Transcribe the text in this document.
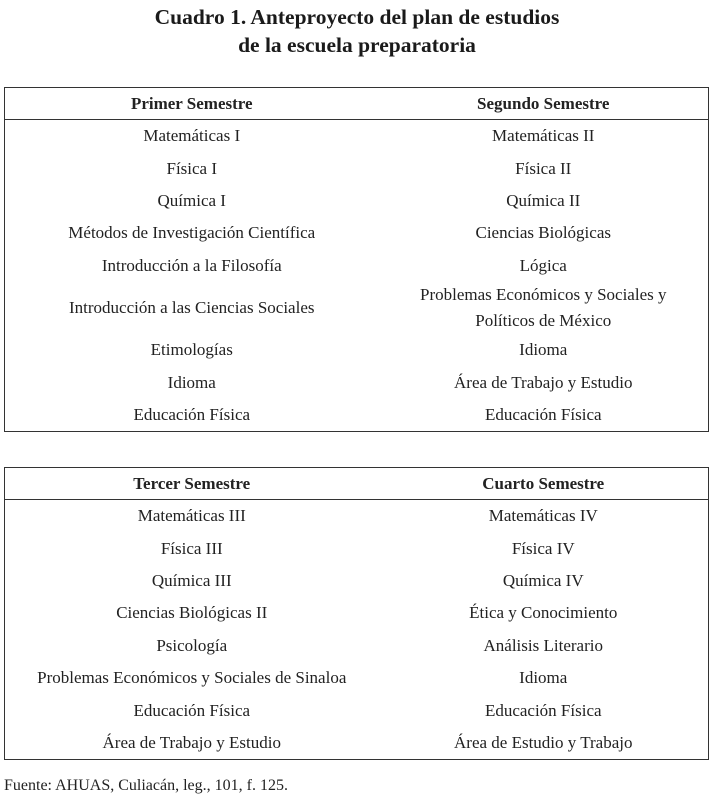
Cuadro 1. Anteproyecto del plan de estudios
de la escuela preparatoria
Primer Semestre	Segundo Semestre
Matemáticas I	Matemáticas II
Física I	Física II
Química I	Química II
Métodos de Investigación Científica	Ciencias Biológicas
Introducción a la Filosofía	Lógica
Introducción a las Ciencias Sociales	Problemas Económicos y Sociales y Políticos de México
Etimologías	Idioma
Idioma	Área de Trabajo y Estudio
Educación Física	Educación Física
Tercer Semestre	Cuarto Semestre
Matemáticas III	Matemáticas IV
Física III	Física IV
Química III	Química IV
Ciencias Biológicas II	Ética y Conocimiento
Psicología	Análisis Literario
Problemas Económicos y Sociales de Sinaloa	Idioma
Educación Física	Educación Física
Área de Trabajo y Estudio	Área de Estudio y Trabajo
Fuente: AHUAS, Culiacán, leg., 101, f. 125.
